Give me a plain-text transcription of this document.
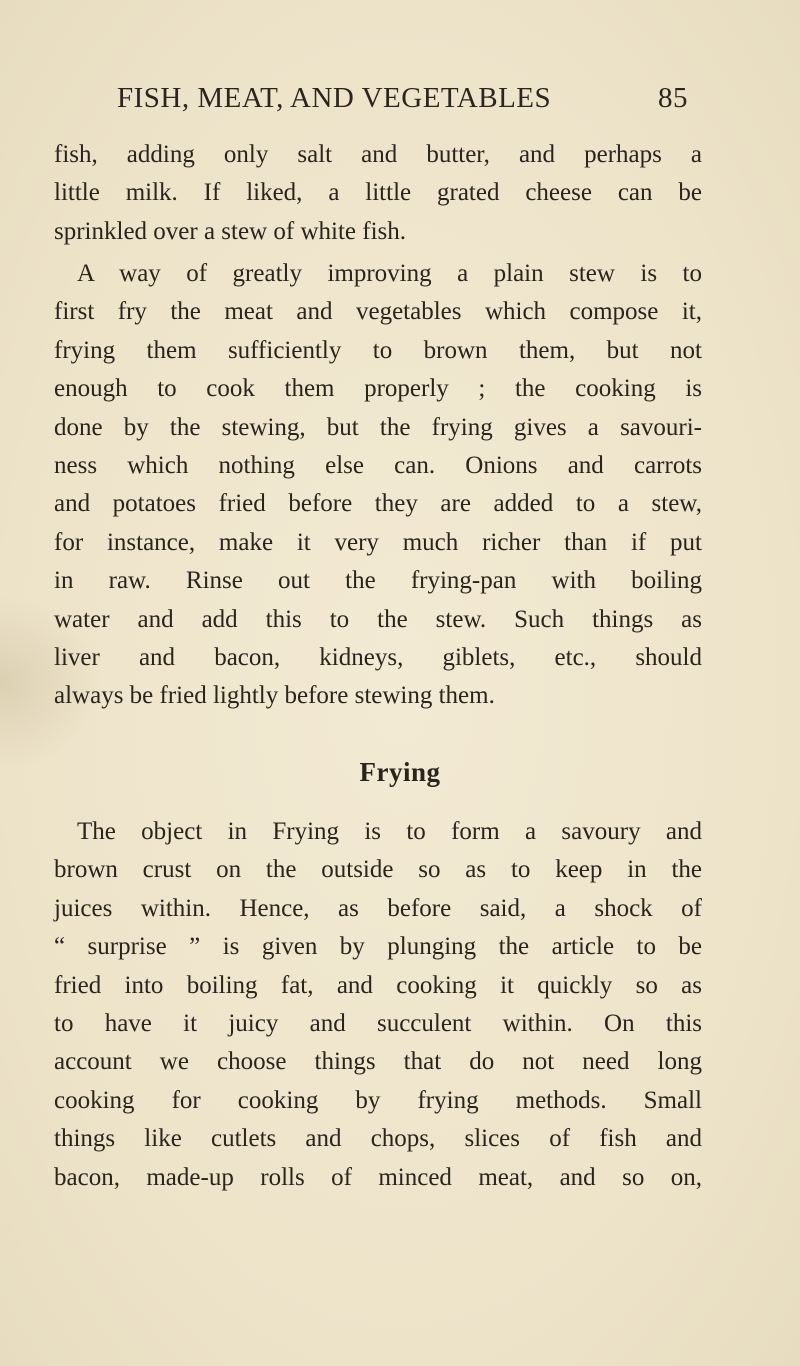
FISH, MEAT, AND VEGETABLES	85
fish, adding only salt and butter, and perhaps a
little milk. If liked, a little grated cheese can be
sprinkled over a stew of white fish.
A way of greatly improving a plain stew is to
first fry the meat and vegetables which compose it,
frying them sufficiently to brown them, but not
enough to cook them properly ; the cooking is
done by the stewing, but the frying gives a savouri-
ness which nothing else can. Onions and carrots
and potatoes fried before they are added to a stew,
for instance, make it very much richer than if put
in raw. Rinse out the frying-pan with boiling
water and add this to the stew. Such things as
liver and bacon, kidneys, giblets, etc., should
always be fried lightly before stewing them.
Frying
The object in Frying is to form a savoury and
brown crust on the outside so as to keep in the
juices within. Hence, as before said, a shock of
“ surprise ” is given by plunging the article to be
fried into boiling fat, and cooking it quickly so as
to have it juicy and succulent within. On this
account we choose things that do not need long
cooking for cooking by frying methods. Small
things like cutlets and chops, slices of fish and
bacon, made-up rolls of minced meat, and so on,
